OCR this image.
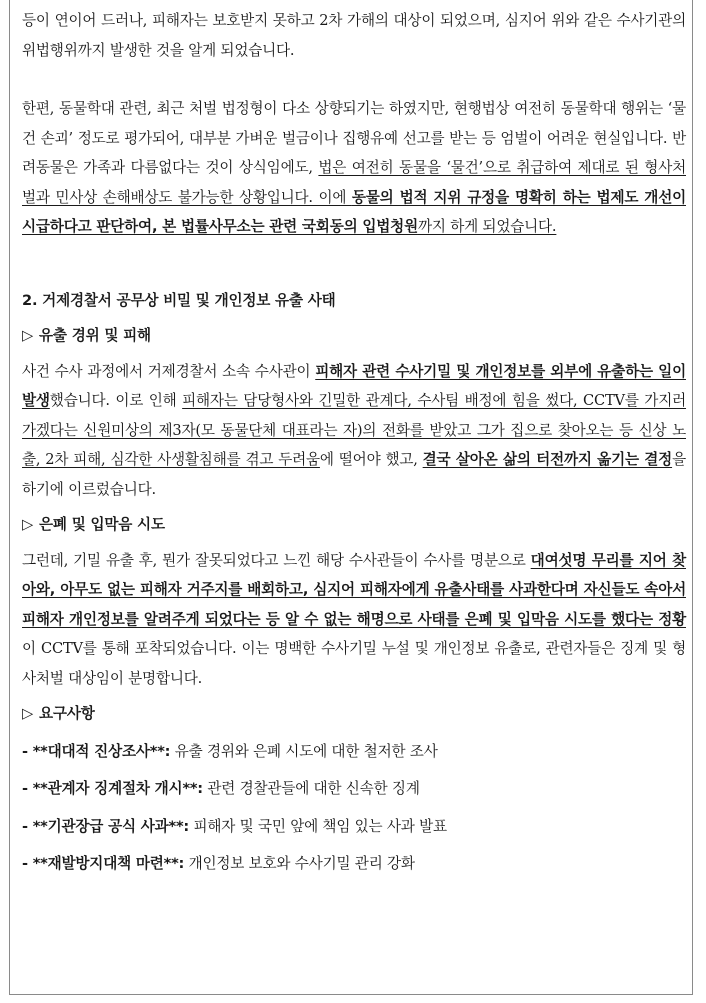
등이 연이어 드러나, 피해자는 보호받지 못하고 2차 가해의 대상이 되었으며, 심지어 위와 같은 수사기관의 위법행위까지 발생한 것을 알게 되었습니다.

한편, 동물학대 관련, 최근 처벌 법정형이 다소 상향되기는 하였지만, 현행법상 여전히 동물학대 행위는 ‘물건 손괴’ 정도로 평가되어, 대부분 가벼운 벌금이나 집행유예 선고를 받는 등 엄벌이 어려운 현실입니다. 반려동물은 가족과 다름없다는 것이 상식임에도, 법은 여전히 동물을 ‘물건’으로 취급하여 제대로 된 형사처벌과 민사상 손해배상도 불가능한 상황입니다. 이에 동물의 법적 지위 규정을 명확히 하는 법제도 개선이 시급하다고 판단하여, 본 법률사무소는 관련 국회동의 입법청원까지 하게 되었습니다.

2. 거제경찰서 공무상 비밀 및 개인정보 유출 사태

▷ 유출 경위 및 피해

사건 수사 과정에서 거제경찰서 소속 수사관이 피해자 관련 수사기밀 및 개인정보를 외부에 유출하는 일이 발생했습니다. 이로 인해 피해자는 담당형사와 긴밀한 관계다, 수사팀 배정에 힘을 썼다, CCTV를 가지러 가겠다는 신원미상의 제3자(모 동물단체 대표라는 자)의 전화를 받았고 그가 집으로 찾아오는 등 신상 노출, 2차 피해, 심각한 사생활침해를 겪고 두려움에 떨어야 했고, 결국 살아온 삶의 터전까지 옮기는 결정을 하기에 이르렀습니다.

▷ 은폐 및 입막음 시도

그런데, 기밀 유출 후, 뭔가 잘못되었다고 느낀 해당 수사관들이 수사를 명분으로 대여섯명 무리를 지어 찾아와, 아무도 없는 피해자 거주지를 배회하고, 심지어 피해자에게 유출사태를 사과한다며 자신들도 속아서 피해자 개인정보를 알려주게 되었다는 등 알 수 없는 해명으로 사태를 은폐 및 입막음 시도를 했다는 정황이 CCTV를 통해 포착되었습니다. 이는 명백한 수사기밀 누설 및 개인정보 유출로, 관련자들은 징계 및 형사처벌 대상임이 분명합니다.

▷ 요구사항

- **대대적 진상조사**: 유출 경위와 은폐 시도에 대한 철저한 조사

- **관계자 징계절차 개시**: 관련 경찰관들에 대한 신속한 징계

- **기관장급 공식 사과**: 피해자 및 국민 앞에 책임 있는 사과 발표

- **재발방지대책 마련**: 개인정보 보호와 수사기밀 관리 강화
